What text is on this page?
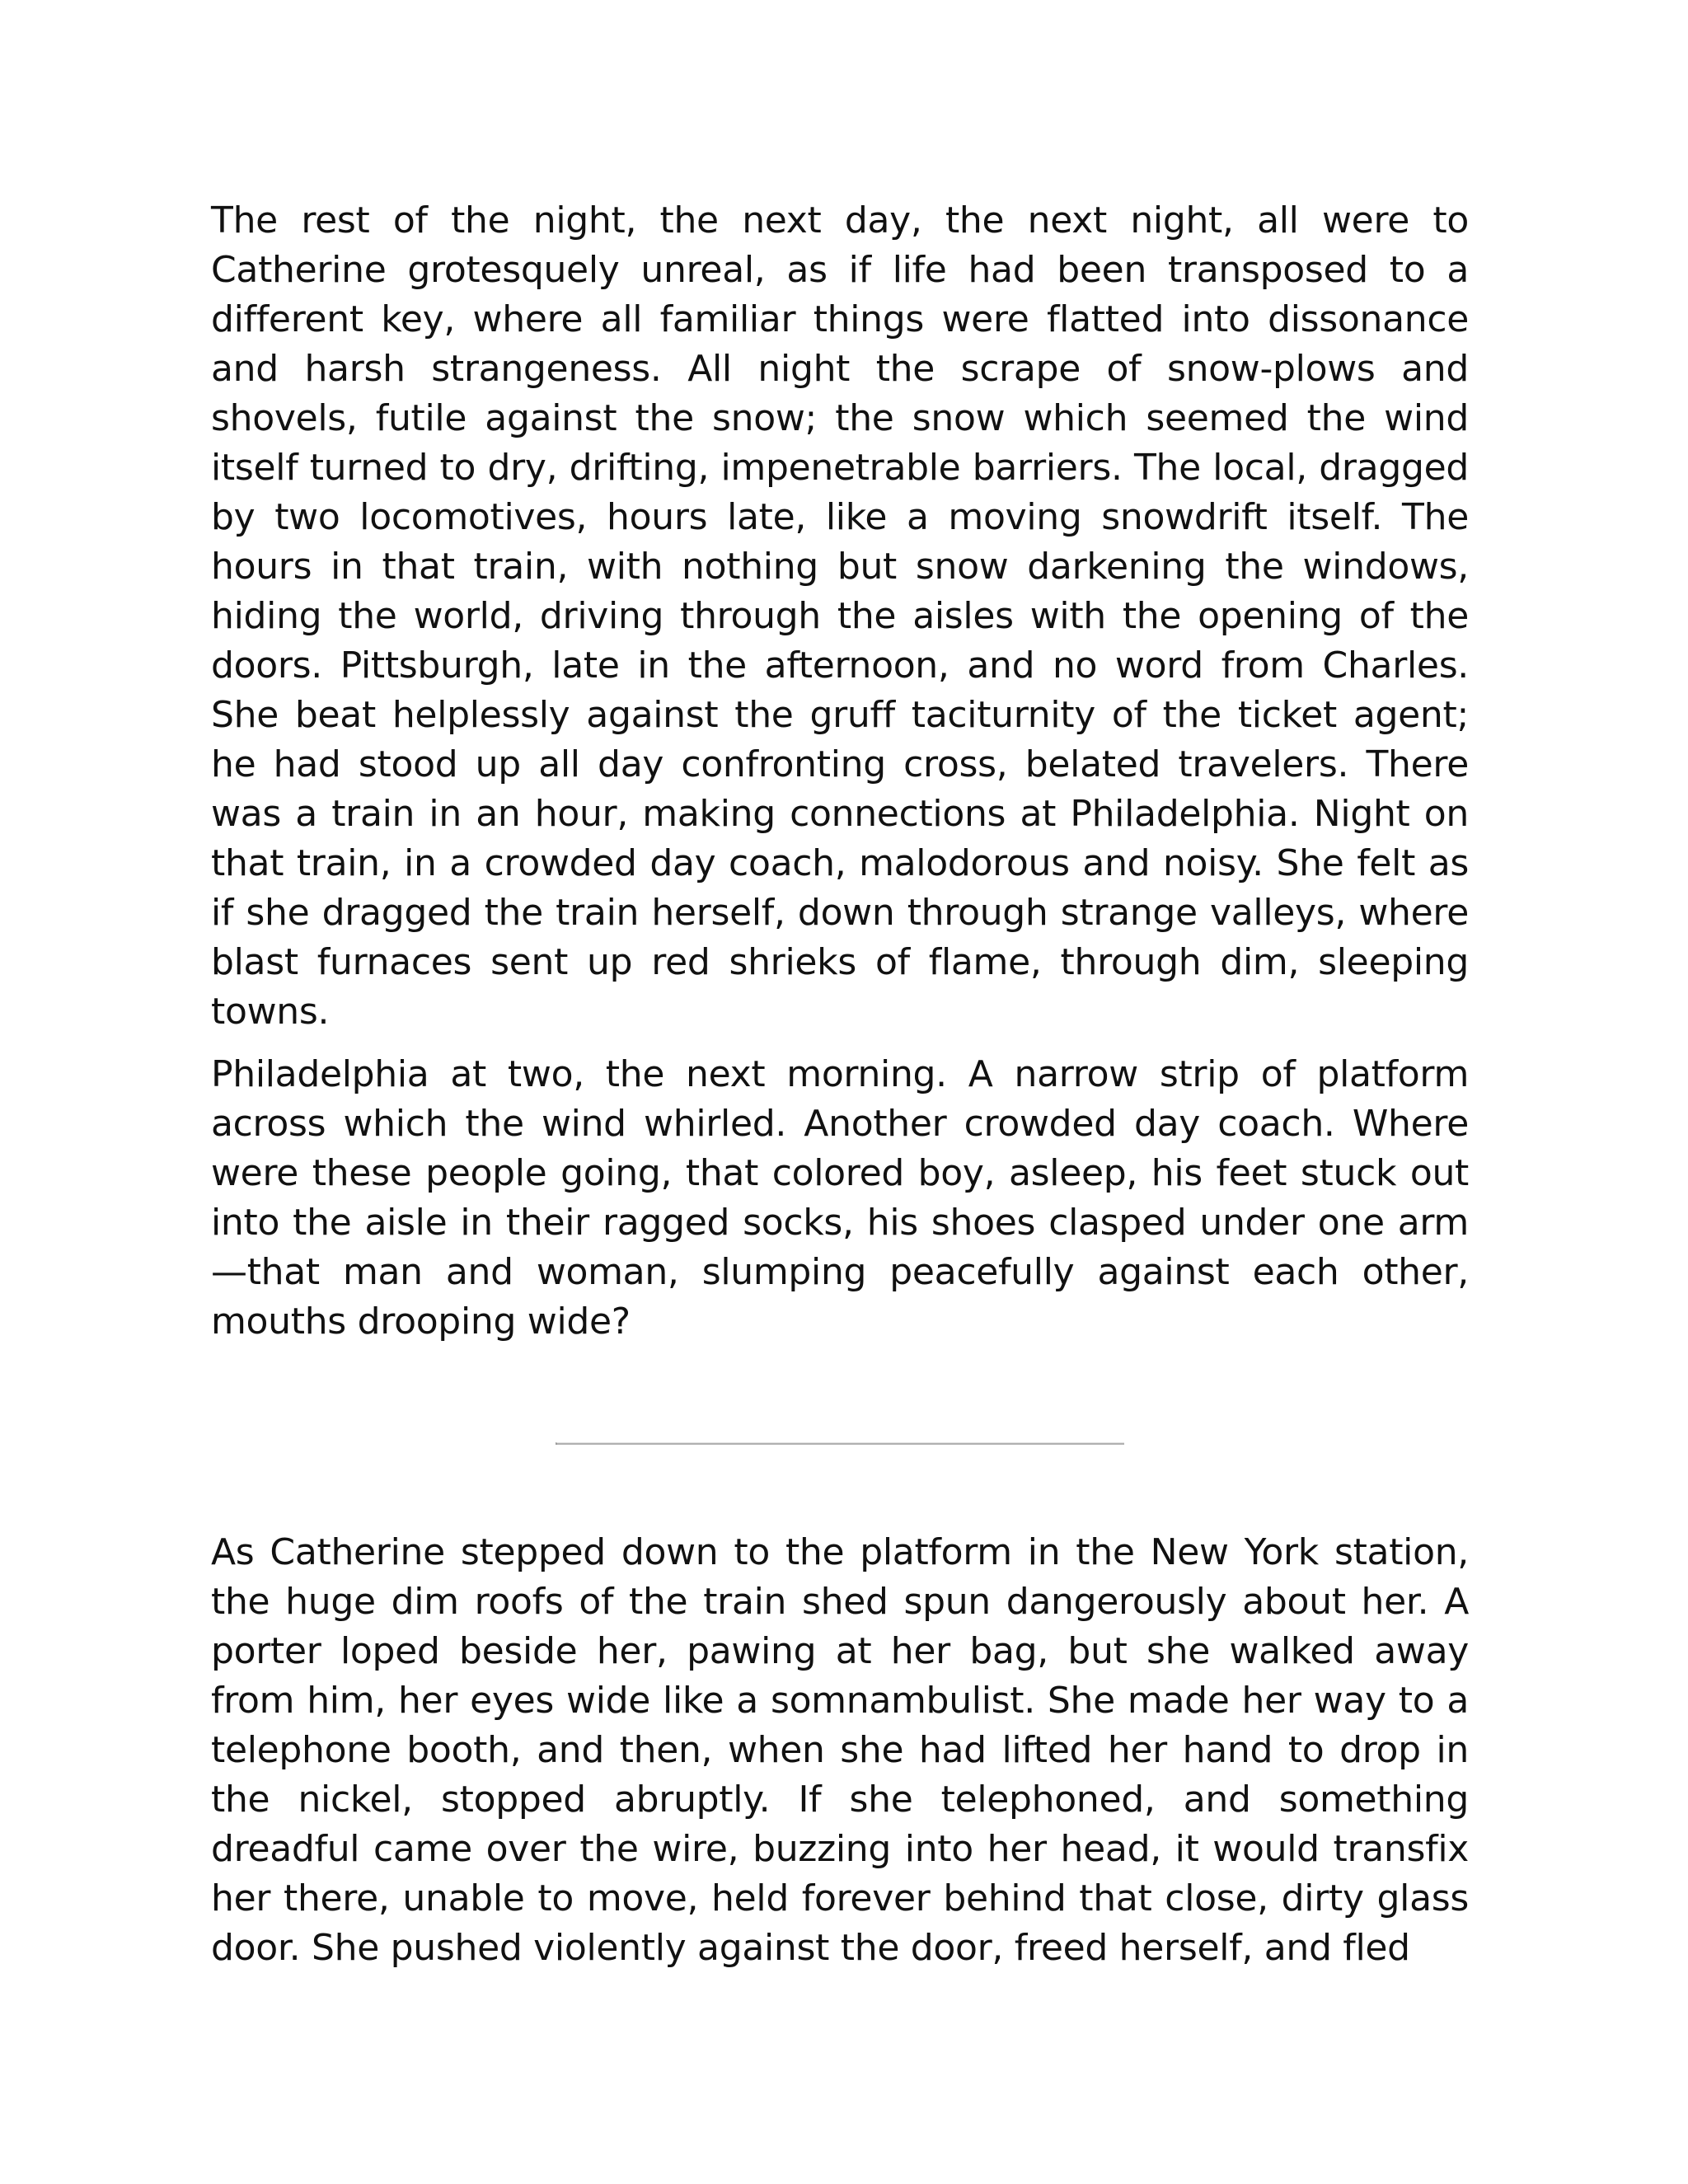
The rest of the night, the next day, the next night, all were to Catherine grotesquely unreal, as if life had been transposed to a different key, where all familiar things were flatted into dissonance and harsh strangeness. All night the scrape of snow-plows and shovels, futile against the snow; the snow which seemed the wind itself turned to dry, drifting, impenetrable barriers. The local, dragged by two locomotives, hours late, like a moving snowdrift itself. The hours in that train, with nothing but snow darkening the windows, hiding the world, driving through the aisles with the opening of the doors. Pittsburgh, late in the afternoon, and no word from Charles. She beat helplessly against the gruff taciturnity of the ticket agent; he had stood up all day confronting cross, belated travelers. There was a train in an hour, making connections at Philadelphia. Night on that train, in a crowded day coach, malodorous and noisy. She felt as if she dragged the train herself, down through strange valleys, where blast furnaces sent up red shrieks of flame, through dim, sleeping towns.

Philadelphia at two, the next morning. A narrow strip of platform across which the wind whirled. Another crowded day coach. Where were these people going, that colored boy, asleep, his feet stuck out into the aisle in their ragged socks, his shoes clasped under one arm—that man and woman, slumping peacefully against each other, mouths drooping wide?

As Catherine stepped down to the platform in the New York station, the huge dim roofs of the train shed spun dangerously about her. A porter loped beside her, pawing at her bag, but she walked away from him, her eyes wide like a somnambulist. She made her way to a telephone booth, and then, when she had lifted her hand to drop in the nickel, stopped abruptly. If she telephoned, and something dreadful came over the wire, buzzing into her head, it would transfix her there, unable to move, held forever behind that close, dirty glass door. She pushed violently against the door, freed herself, and fled
